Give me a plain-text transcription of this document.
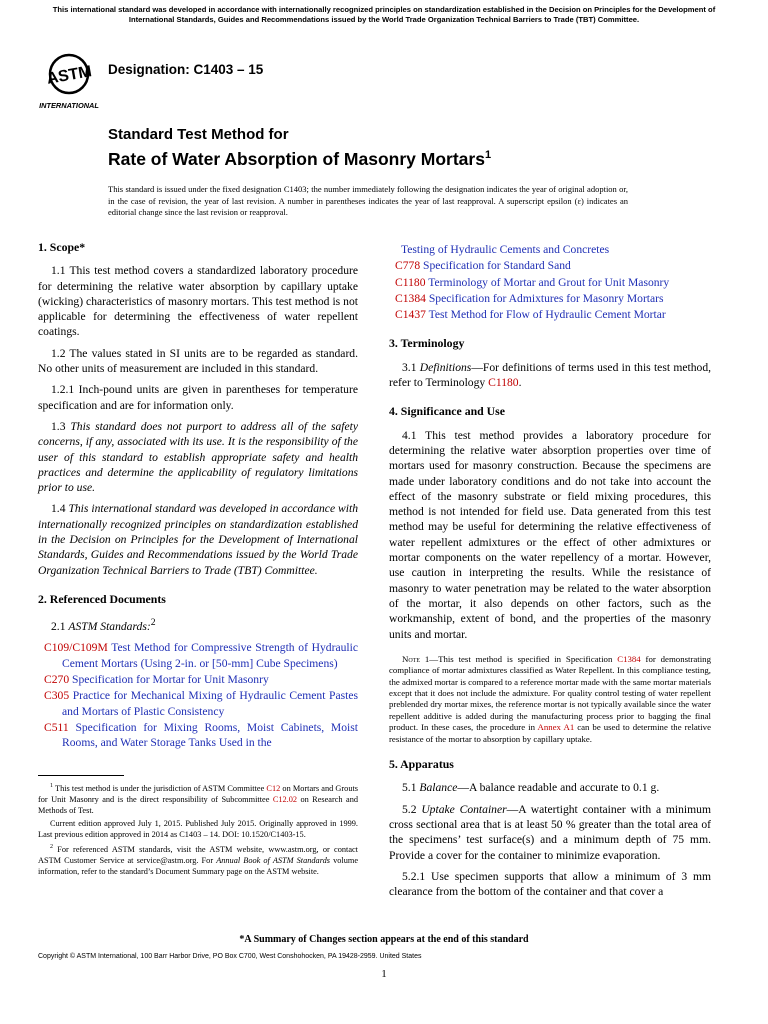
This international standard was developed in accordance with internationally recognized principles on standardization established in the Decision on Principles for the Development of International Standards, Guides and Recommendations issued by the World Trade Organization Technical Barriers to Trade (TBT) Committee.
ASTM
INTERNATIONAL
Designation: C1403 – 15
Standard Test Method for
Rate of Water Absorption of Masonry Mortars$^1$
This standard is issued under the fixed designation C1403; the number immediately following the designation indicates the year of original adoption or, in the case of revision, the year of last revision. A number in parentheses indicates the year of last reapproval. A superscript epsilon (ε) indicates an editorial change since the last revision or reapproval.
1. Scope*

1.1 This test method covers a standardized laboratory procedure for determining the relative water absorption by capillary uptake (wicking) characteristics of masonry mortars. This test method is not applicable for determining the effectiveness of water repellent coatings.

1.2 The values stated in SI units are to be regarded as standard. No other units of measurement are included in this standard.

1.2.1 Inch-pound units are given in parentheses for temperature specification and are for information only.

1.3 This standard does not purport to address all of the safety concerns, if any, associated with its use. It is the responsibility of the user of this standard to establish appropriate safety and health practices and determine the applicability of regulatory limitations prior to use.

1.4 This international standard was developed in accordance with internationally recognized principles on standardization established in the Decision on Principles for the Development of International Standards, Guides and Recommendations issued by the World Trade Organization Technical Barriers to Trade (TBT) Committee.

2. Referenced Documents

2.1 ASTM Standards:$^2$

C109/C109M Test Method for Compressive Strength of Hydraulic Cement Mortars (Using 2-in. or [50-mm] Cube Specimens)
C270 Specification for Mortar for Unit Masonry
C305 Practice for Mechanical Mixing of Hydraulic Cement Pastes and Mortars of Plastic Consistency
C511 Specification for Mixing Rooms, Moist Cabinets, Moist Rooms, and Water Storage Tanks Used in the

$^1$ This test method is under the jurisdiction of ASTM Committee C12 on Mortars and Grouts for Unit Masonry and is the direct responsibility of Subcommittee C12.02 on Research and Methods of Test.

Current edition approved July 1, 2015. Published July 2015. Originally approved in 1999. Last previous edition approved in 2014 as C1403 – 14. DOI: 10.1520/C1403-15.

$^2$ For referenced ASTM standards, visit the ASTM website, www.astm.org, or contact ASTM Customer Service at service@astm.org. For Annual Book of ASTM Standards volume information, refer to the standard’s Document Summary page on the ASTM website.

Testing of Hydraulic Cements and Concretes
C778 Specification for Standard Sand
C1180 Terminology of Mortar and Grout for Unit Masonry
C1384 Specification for Admixtures for Masonry Mortars
C1437 Test Method for Flow of Hydraulic Cement Mortar
3. Terminology

3.1 Definitions—For definitions of terms used in this test method, refer to Terminology C1180.

4. Significance and Use

4.1 This test method provides a laboratory procedure for determining the relative water absorption properties over time of mortars used for masonry construction. Because the specimens are made under laboratory conditions and do not take into account the effect of the masonry substrate or field mixing procedures, this method is not intended for field use. Data generated from this test method may be useful for determining the relative effectiveness of water repellent admixtures or the effect of other admixtures or mortar components on the water repellency of a mortar. However, use caution in interpreting the results. While the resistance of masonry to water penetration may be related to the water absorption of the mortar, it also depends on other factors, such as the workmanship, extent of bond, and the properties of the masonry units and mortar.

Note 1—This test method is specified in Specification C1384 for demonstrating compliance of mortar admixtures classified as Water Repellent. In this compliance testing, the admixed mortar is compared to a reference mortar made with the same mortar materials except that it does not include the admixture. For quality control testing of water repellent preblended dry mortar mixes, the reference mortar is not typically available since the water repellent additive is added during the manufacturing process prior to bagging the final product. In these cases, the procedure in Annex A1 can be used to determine the relative resistance of the mortar to absorption by capillary uptake.
5. Apparatus

5.1 Balance—A balance readable and accurate to 0.1 g.

5.2 Uptake Container—A watertight container with a minimum cross sectional area that is at least 50 % greater than the total area of the specimens’ test surface(s) and a minimum depth of 75 mm. Provide a cover for the container to minimize evaporation.

5.2.1 Use specimen supports that allow a minimum of 3 mm clearance from the bottom of the container and that cover a

*A Summary of Changes section appears at the end of this standard
Copyright © ASTM International, 100 Barr Harbor Drive, PO Box C700, West Conshohocken, PA 19428-2959. United States
1
